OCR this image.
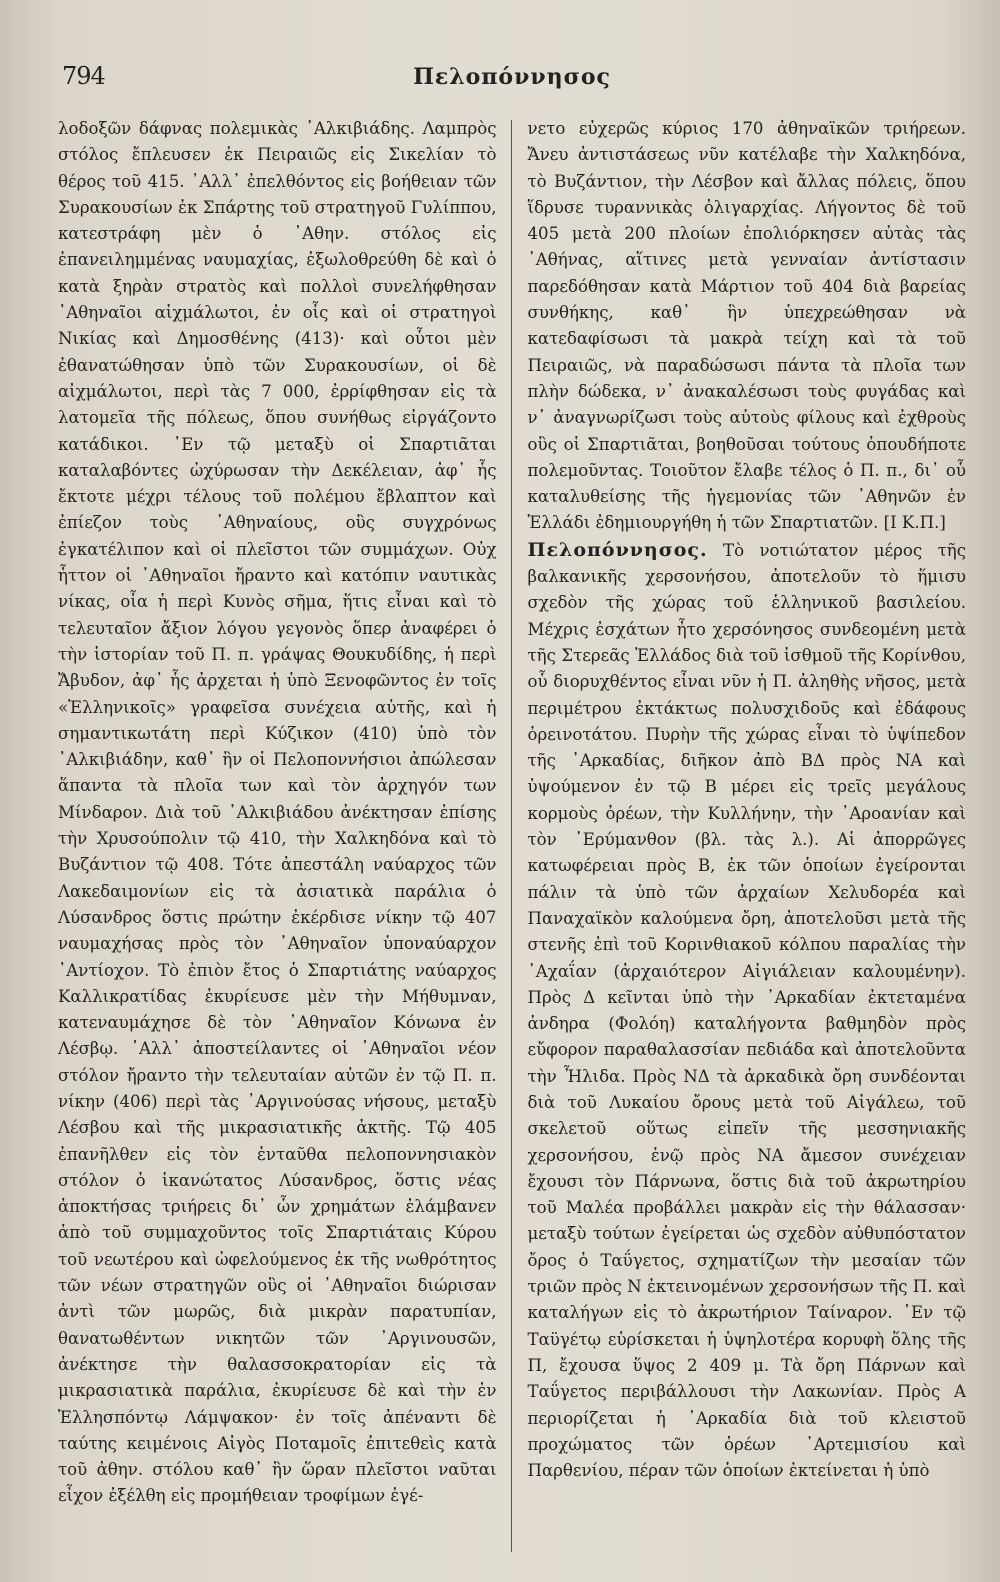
794	Πελοπόννησος

λοδοξῶν δάφνας πολεμικὰς ᾿Αλκιβιάδης. Λαμπρὸς στόλος ἔπλευσεν ἐκ Πειραιῶς εἰς Σικελίαν τὸ θέρος τοῦ 415. ᾿Αλλ᾿ ἐπελθόντος εἰς βοήθειαν τῶν Συρακουσίων ἐκ Σπάρτης τοῦ στρατηγοῦ Γυλίππου, κατεστράφη μὲν ὁ ᾿Αθην. στόλος εἰς ἐπανειλημμένας ναυμαχίας, ἐξωλοθρεύθη δὲ καὶ ὁ κατὰ ξηρὰν στρατὸς καὶ πολλοὶ συνελήφθησαν ᾿Αθηναῖοι αἰχμάλωτοι, ἐν οἷς καὶ οἱ στρατηγοὶ Νικίας καὶ Δημοσθένης (413)· καὶ οὗτοι μὲν ἐθανατώθησαν ὑπὸ τῶν Συρακουσίων, οἱ δὲ αἰχμάλωτοι, περὶ τὰς 7 000, ἐρρίφθησαν εἰς τὰ λατομεῖα τῆς πόλεως, ὅπου συνήθως εἰργάζοντο κατάδικοι. ᾿Εν τῷ μεταξὺ οἱ Σπαρτιᾶται καταλαβόντες ὠχύρωσαν τὴν Δεκέλειαν, ἀφ᾿ ἧς ἔκτοτε μέχρι τέλους τοῦ πολέμου ἔβλαπτον καὶ ἐπίεζον τοὺς ᾿Αθηναίους, οὓς συγχρόνως ἐγκατέλιπον καὶ οἱ πλεῖστοι τῶν συμμάχων. Οὐχ ἧττον οἱ ᾿Αθηναῖοι ἤραντο καὶ κατόπιν ναυτικὰς νίκας, οἷα ἡ περὶ Κυνὸς σῆμα, ἥτις εἶναι καὶ τὸ τελευταῖον ἄξιον λόγου γεγονὸς ὅπερ ἀναφέρει ὁ τὴν ἱστορίαν τοῦ Π. π. γράψας Θουκυδίδης, ἡ περὶ Ἄβυδον, ἀφ᾿ ἧς ἀρχεται ἡ ὑπὸ Ξενοφῶντος ἐν τοῖς «Ἑλληνικοῖς» γραφεῖσα συνέχεια αὐτῆς, καὶ ἡ σημαντικωτάτη περὶ Κύζικον (410) ὑπὸ τὸν ᾿Αλκιβιάδην, καθ᾿ ἣν οἱ Πελοποννήσιοι ἀπώλεσαν ἅπαντα τὰ πλοῖα των καὶ τὸν ἀρχηγόν των Μίνδαρον. Διὰ τοῦ ᾿Αλκιβιάδου ἀνέκτησαν ἐπίσης τὴν Χρυσούπολιν τῷ 410, τὴν Χαλκηδόνα καὶ τὸ Βυζάντιον τῷ 408. Τότε ἀπεστάλη ναύαρχος τῶν Λακεδαιμονίων εἰς τὰ ἀσιατικὰ παράλια ὁ Λύσανδρος ὅστις πρώτην ἐκέρδισε νίκην τῷ 407 ναυμαχήσας πρὸς τὸν ᾿Αθηναῖον ὑποναύαρχον ᾿Αντίοχον. Τὸ ἐπιὸν ἔτος ὁ Σπαρτιάτης ναύαρχος Καλλικρατίδας ἐκυρίευσε μὲν τὴν Μήθυμναν, κατεναυμάχησε δὲ τὸν ᾿Αθηναῖον Κόνωνα ἐν Λέσβῳ. ᾿Αλλ᾿ ἀποστείλαντες οἱ ᾿Αθηναῖοι νέον στόλον ἤραντο τὴν τελευταίαν αὐτῶν ἐν τῷ Π. π. νίκην (406) περὶ τὰς ᾿Αργινούσας νήσους, μεταξὺ Λέσβου καὶ τῆς μικρασιατικῆς ἀκτῆς. Τῷ 405 ἐπανῆλθεν εἰς τὸν ἐνταῦθα πελοποννησιακὸν στόλον ὁ ἱκανώτατος Λύσανδρος, ὅστις νέας ἀποκτήσας τριήρεις δι᾿ ὧν χρημάτων ἐλάμβανεν ἀπὸ τοῦ συμμαχοῦντος τοῖς Σπαρτιάταις Κύρου τοῦ νεωτέρου καὶ ὠφελούμενος ἐκ τῆς νωθρότητος τῶν νέων στρατηγῶν οὓς οἱ ᾿Αθηναῖοι διώρισαν ἀντὶ τῶν μωρῶς, διὰ μικρὰν παρατυπίαν, θανατωθέντων νικητῶν τῶν ᾿Αργινουσῶν, ἀνέκτησε τὴν θαλασσοκρατορίαν εἰς τὰ μικρασιατικὰ παράλια, ἐκυρίευσε δὲ καὶ τὴν ἐν Ἑλλησπόντῳ Λάμψακον· ἐν τοῖς ἀπέναντι δὲ ταύτης κειμένοις Αἰγὸς Ποταμοῖς ἐπιτεθεὶς κατὰ τοῦ ἀθην. στόλου καθ᾿ ἣν ὥραν πλεῖστοι ναῦται εἶχον ἐξέλθη εἰς προμήθειαν τροφίμων ἐγέ-

νετο εὐχερῶς κύριος 170 ἀθηναϊκῶν τριήρεων. Ἄνευ ἀντιστάσεως νῦν κατέλαβε τὴν Χαλκηδόνα, τὸ Βυζάντιον, τὴν Λέσβον καὶ ἄλλας πόλεις, ὅπου ἵδρυσε τυραννικὰς ὀλιγαρχίας. Λήγοντος δὲ τοῦ 405 μετὰ 200 πλοίων ἐπολιόρκησεν αὐτὰς τὰς ᾿Αθήνας, αἵτινες μετὰ γενναίαν ἀντίστασιν παρεδόθησαν κατὰ Μάρτιον τοῦ 404 διὰ βαρείας συνθήκης, καθ᾿ ἣν ὑπεχρεώθησαν νὰ κατεδαφίσωσι τὰ μακρὰ τείχη καὶ τὰ τοῦ Πειραιῶς, νὰ παραδώσωσι πάντα τὰ πλοῖα των πλὴν δώδεκα, ν᾿ ἀνακαλέσωσι τοὺς φυγάδας καὶ ν᾿ ἀναγνωρίζωσι τοὺς αὐτοὺς φίλους καὶ ἐχθροὺς οὓς οἱ Σπαρτιᾶται, βοηθοῦσαι τούτους ὁπουδήποτε πολεμοῦντας. Τοιοῦτον ἔλαβε τέλος ὁ Π. π., δι᾿ οὗ καταλυθείσης τῆς ἡγεμονίας τῶν ᾿Αθηνῶν ἐν Ἑλλάδι ἐδημιουργήθη ἡ τῶν Σπαρτιατῶν. [Ι Κ.Π.]

Πελοπόννησος. Τὸ νοτιώτατον μέρος τῆς βαλκανικῆς χερσονήσου, ἀποτελοῦν τὸ ἥμισυ σχεδὸν τῆς χώρας τοῦ ἑλληνικοῦ βασιλείου. Μέχρις ἐσχάτων ἦτο χερσόνησος συνδεομένη μετὰ τῆς Στερεᾶς Ἑλλάδος διὰ τοῦ ἰσθμοῦ τῆς Κορίνθου, οὗ διορυχθέντος εἶναι νῦν ἡ Π. ἀληθὴς νῆσος, μετὰ περιμέτρου ἐκτάκτως πολυσχιδοῦς καὶ ἐδάφους ὀρεινοτάτου. Πυρὴν τῆς χώρας εἶναι τὸ ὑψίπεδον τῆς ᾿Αρκαδίας, διῆκον ἀπὸ ΒΔ πρὸς ΝΑ καὶ ὑψούμενον ἐν τῷ Β μέρει εἰς τρεῖς μεγάλους κορμοὺς ὀρέων, τὴν Κυλλήνην, τὴν ᾿Αροανίαν καὶ τὸν ᾿Ερύμανθον (βλ. τὰς λ.). Αἱ ἀπορρῶγες κατωφέρειαι πρὸς Β, ἐκ τῶν ὁποίων ἐγείρονται πάλιν τὰ ὑπὸ τῶν ἀρχαίων Χελυδορέα καὶ Παναχαϊκὸν καλούμενα ὄρη, ἀποτελοῦσι μετὰ τῆς στενῆς ἐπὶ τοῦ Κορινθιακοῦ κόλπου παραλίας τὴν ᾿Αχαΐαν (ἀρχαιότερον Αἰγιάλειαν καλουμένην). Πρὸς Δ κεῖνται ὑπὸ τὴν ᾿Αρκαδίαν ἐκτεταμένα ἀνδηρα (Φολόη) καταλήγοντα βαθμηδὸν πρὸς εὔφορον παραθαλασσίαν πεδιάδα καὶ ἀποτελοῦντα τὴν Ἦλιδα. Πρὸς ΝΔ τὰ ἀρκαδικὰ ὄρη συνδέονται διὰ τοῦ Λυκαίου ὄρους μετὰ τοῦ Αἰγάλεω, τοῦ σκελετοῦ οὕτως εἰπεῖν τῆς μεσσηνιακῆς χερσονήσου, ἐνῷ πρὸς ΝΑ ἄμεσον συνέχειαν ἔχουσι τὸν Πάρνωνα, ὅστις διὰ τοῦ ἀκρωτηρίου τοῦ Μαλέα προβάλλει μακρὰν εἰς τὴν θάλασσαν· μεταξὺ τούτων ἐγείρεται ὡς σχεδὸν αὐθυπόστατον ὄρος ὁ Ταΰγετος, σχηματίζων τὴν μεσαίαν τῶν τριῶν πρὸς Ν ἐκτεινομένων χερσονήσων τῆς Π. καὶ καταλήγων εἰς τὸ ἀκρωτήριον Ταίναρον. ᾿Εν τῷ Ταϋγέτῳ εὑρίσκεται ἡ ὑψηλοτέρα κορυφὴ ὅλης τῆς Π, ἔχουσα ὕψος 2 409 μ. Τὰ ὄρη Πάρνων καὶ Ταΰγετος περιβάλλουσι τὴν Λακωνίαν. Πρὸς Α περιορίζεται ἡ ᾿Αρκαδία διὰ τοῦ κλειστοῦ προχώματος τῶν ὀρέων ᾿Αρτεμισίου καὶ Παρθενίου, πέραν τῶν ὁποίων ἐκτείνεται ἡ ὑπὸ
